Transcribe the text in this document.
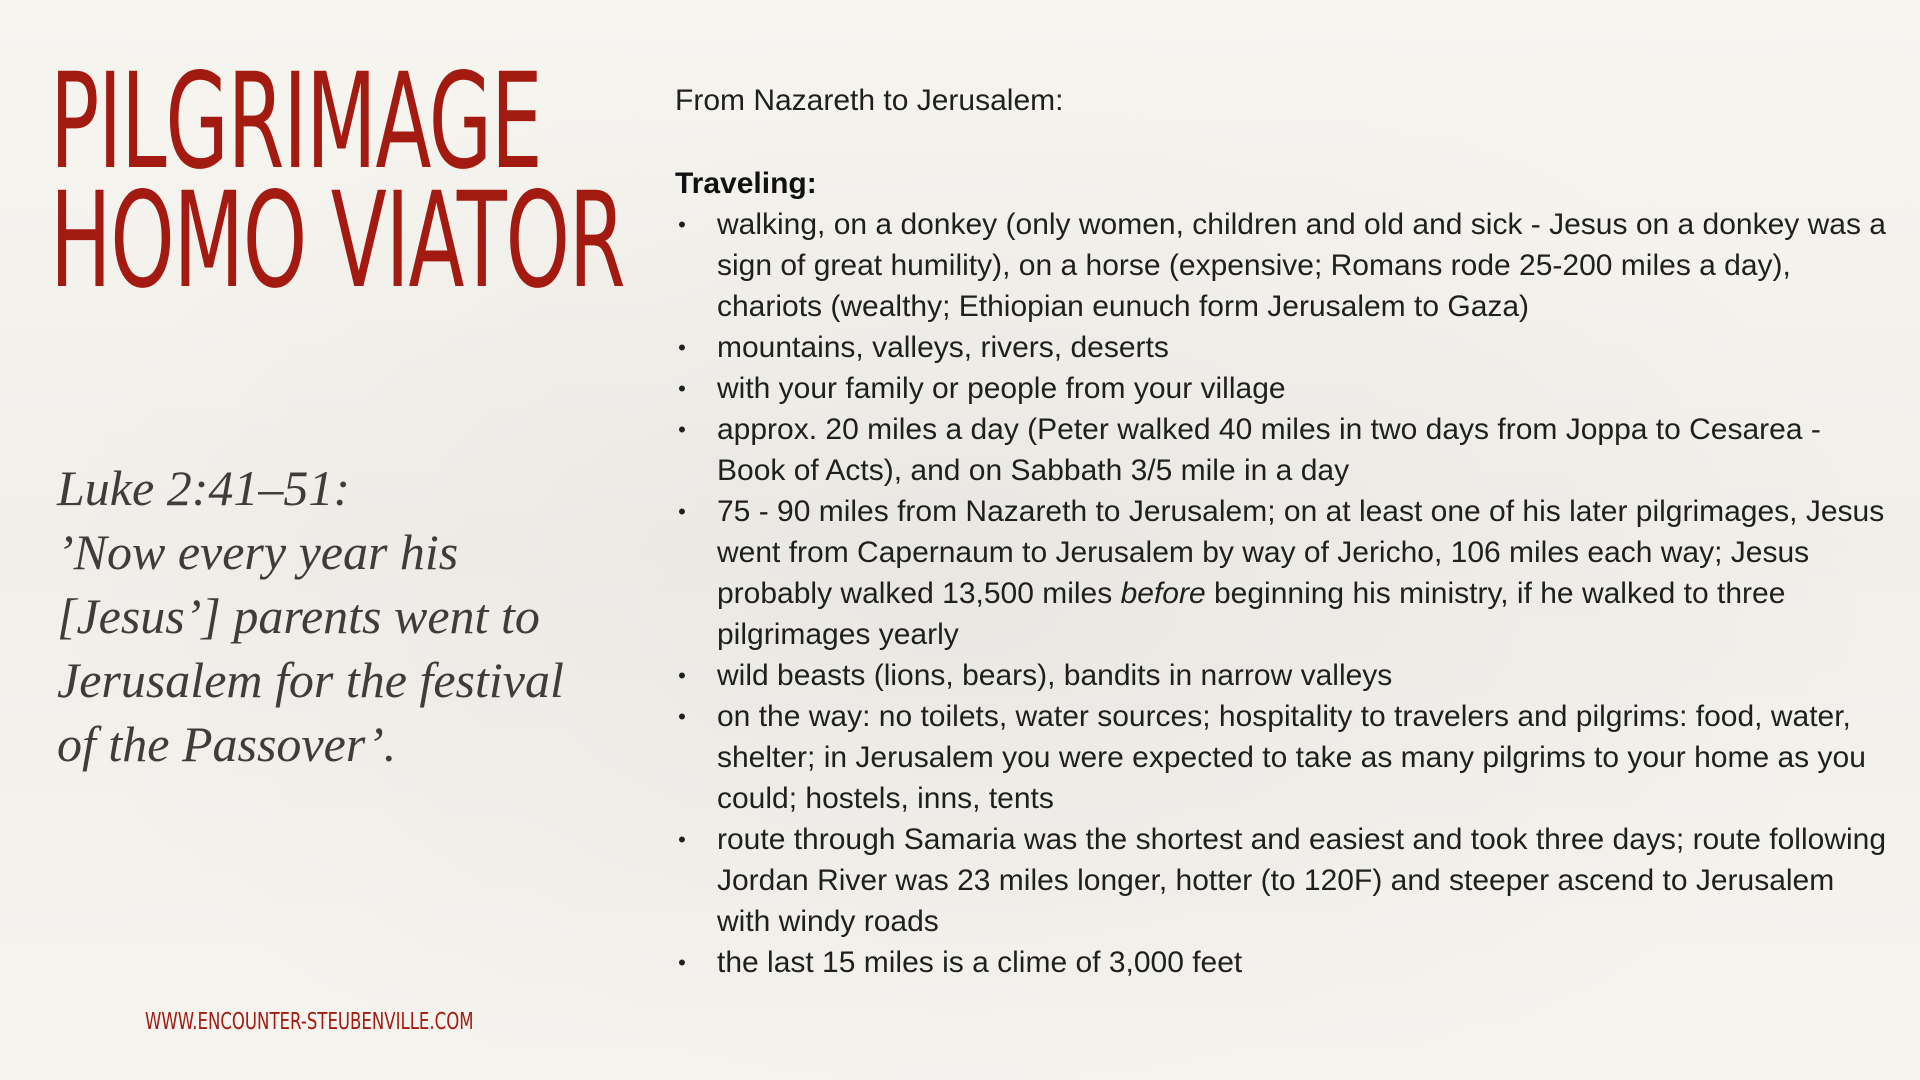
PILGRIMAGE
HOMO VIATOR
Luke 2:41–51:
’Now every year his
[Jesus’] parents went to
Jerusalem for the festival
of the Passover’.
WWW.ENCOUNTER-STEUBENVILLE.COM

From Nazareth to Jerusalem:

Traveling:

• walking, on a donkey (only women, children and old and sick - Jesus on a donkey was a sign of great humility), on a horse (expensive; Romans rode 25-200 miles a day), chariots (wealthy; Ethiopian eunuch form Jerusalem to Gaza)
• mountains, valleys, rivers, deserts
• with your family or people from your village
• approx. 20 miles a day (Peter walked 40 miles in two days from Joppa to Cesarea - Book of Acts), and on Sabbath 3/5 mile in a day
• 75 - 90 miles from Nazareth to Jerusalem; on at least one of his later pilgrimages, Jesus went from Capernaum to Jerusalem by way of Jericho, 106 miles each way; Jesus probably walked 13,500 miles before beginning his ministry, if he walked to three pilgrimages yearly
• wild beasts (lions, bears), bandits in narrow valleys
• on the way: no toilets, water sources; hospitality to travelers and pilgrims: food, water, shelter; in Jerusalem you were expected to take as many pilgrims to your home as you could; hostels, inns, tents
• route through Samaria was the shortest and easiest and took three days; route following Jordan River was 23 miles longer, hotter (to 120F) and steeper ascend to Jerusalem with windy roads
• the last 15 miles is a clime of 3,000 feet
